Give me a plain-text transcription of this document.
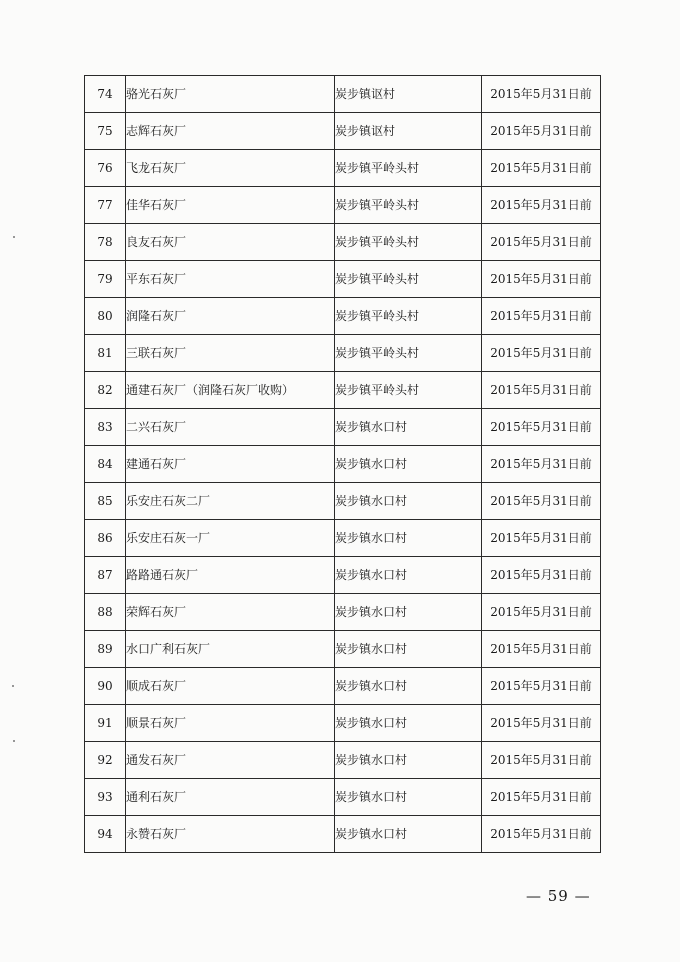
74	骆光石灰厂	炭步镇讴村	2015年5月31日前
75	志辉石灰厂	炭步镇讴村	2015年5月31日前
76	飞龙石灰厂	炭步镇平岭头村	2015年5月31日前
77	佳华石灰厂	炭步镇平岭头村	2015年5月31日前
78	良友石灰厂	炭步镇平岭头村	2015年5月31日前
79	平东石灰厂	炭步镇平岭头村	2015年5月31日前
80	润隆石灰厂	炭步镇平岭头村	2015年5月31日前
81	三联石灰厂	炭步镇平岭头村	2015年5月31日前
82	通建石灰厂（润隆石灰厂收购）	炭步镇平岭头村	2015年5月31日前
83	二兴石灰厂	炭步镇水口村	2015年5月31日前
84	建通石灰厂	炭步镇水口村	2015年5月31日前
85	乐安庄石灰二厂	炭步镇水口村	2015年5月31日前
86	乐安庄石灰一厂	炭步镇水口村	2015年5月31日前
87	路路通石灰厂	炭步镇水口村	2015年5月31日前
88	荣辉石灰厂	炭步镇水口村	2015年5月31日前
89	水口广利石灰厂	炭步镇水口村	2015年5月31日前
90	顺成石灰厂	炭步镇水口村	2015年5月31日前
91	顺景石灰厂	炭步镇水口村	2015年5月31日前
92	通发石灰厂	炭步镇水口村	2015年5月31日前
93	通利石灰厂	炭步镇水口村	2015年5月31日前
94	永赞石灰厂	炭步镇水口村	2015年5月31日前
— 59 —
